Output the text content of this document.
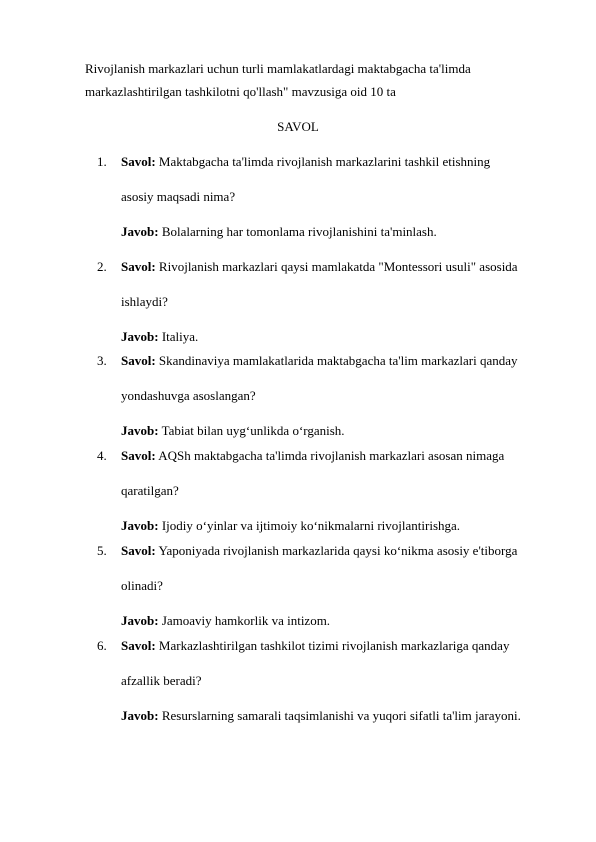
Rivojlanish markazlari uchun turli mamlakatlardagi maktabgacha ta'limda
markazlashtirilgan tashkilotni qo'llash" mavzusiga oid 10 ta
SAVOL
1.	Savol: Maktabgacha ta'limda rivojlanish markazlarini tashkil etishning
asosiy maqsadi nima?
Javob: Bolalarning har tomonlama rivojlanishini ta'minlash.
2.	Savol: Rivojlanish markazlari qaysi mamlakatda "Montessori usuli" asosida
ishlaydi?
Javob: Italiya.
3.	Savol: Skandinaviya mamlakatlarida maktabgacha ta'lim markazlari qanday
yondashuvga asoslangan?
Javob: Tabiat bilan uyg‘unlikda o‘rganish.
4.	Savol: AQSh maktabgacha ta'limda rivojlanish markazlari asosan nimaga
qaratilgan?
Javob: Ijodiy o‘yinlar va ijtimoiy ko‘nikmalarni rivojlantirishga.
5.	Savol: Yaponiyada rivojlanish markazlarida qaysi ko‘nikma asosiy e'tiborga
olinadi?
Javob: Jamoaviy hamkorlik va intizom.
6.	Savol: Markazlashtirilgan tashkilot tizimi rivojlanish markazlariga qanday
afzallik beradi?
Javob: Resurslarning samarali taqsimlanishi va yuqori sifatli ta'lim jarayoni.
